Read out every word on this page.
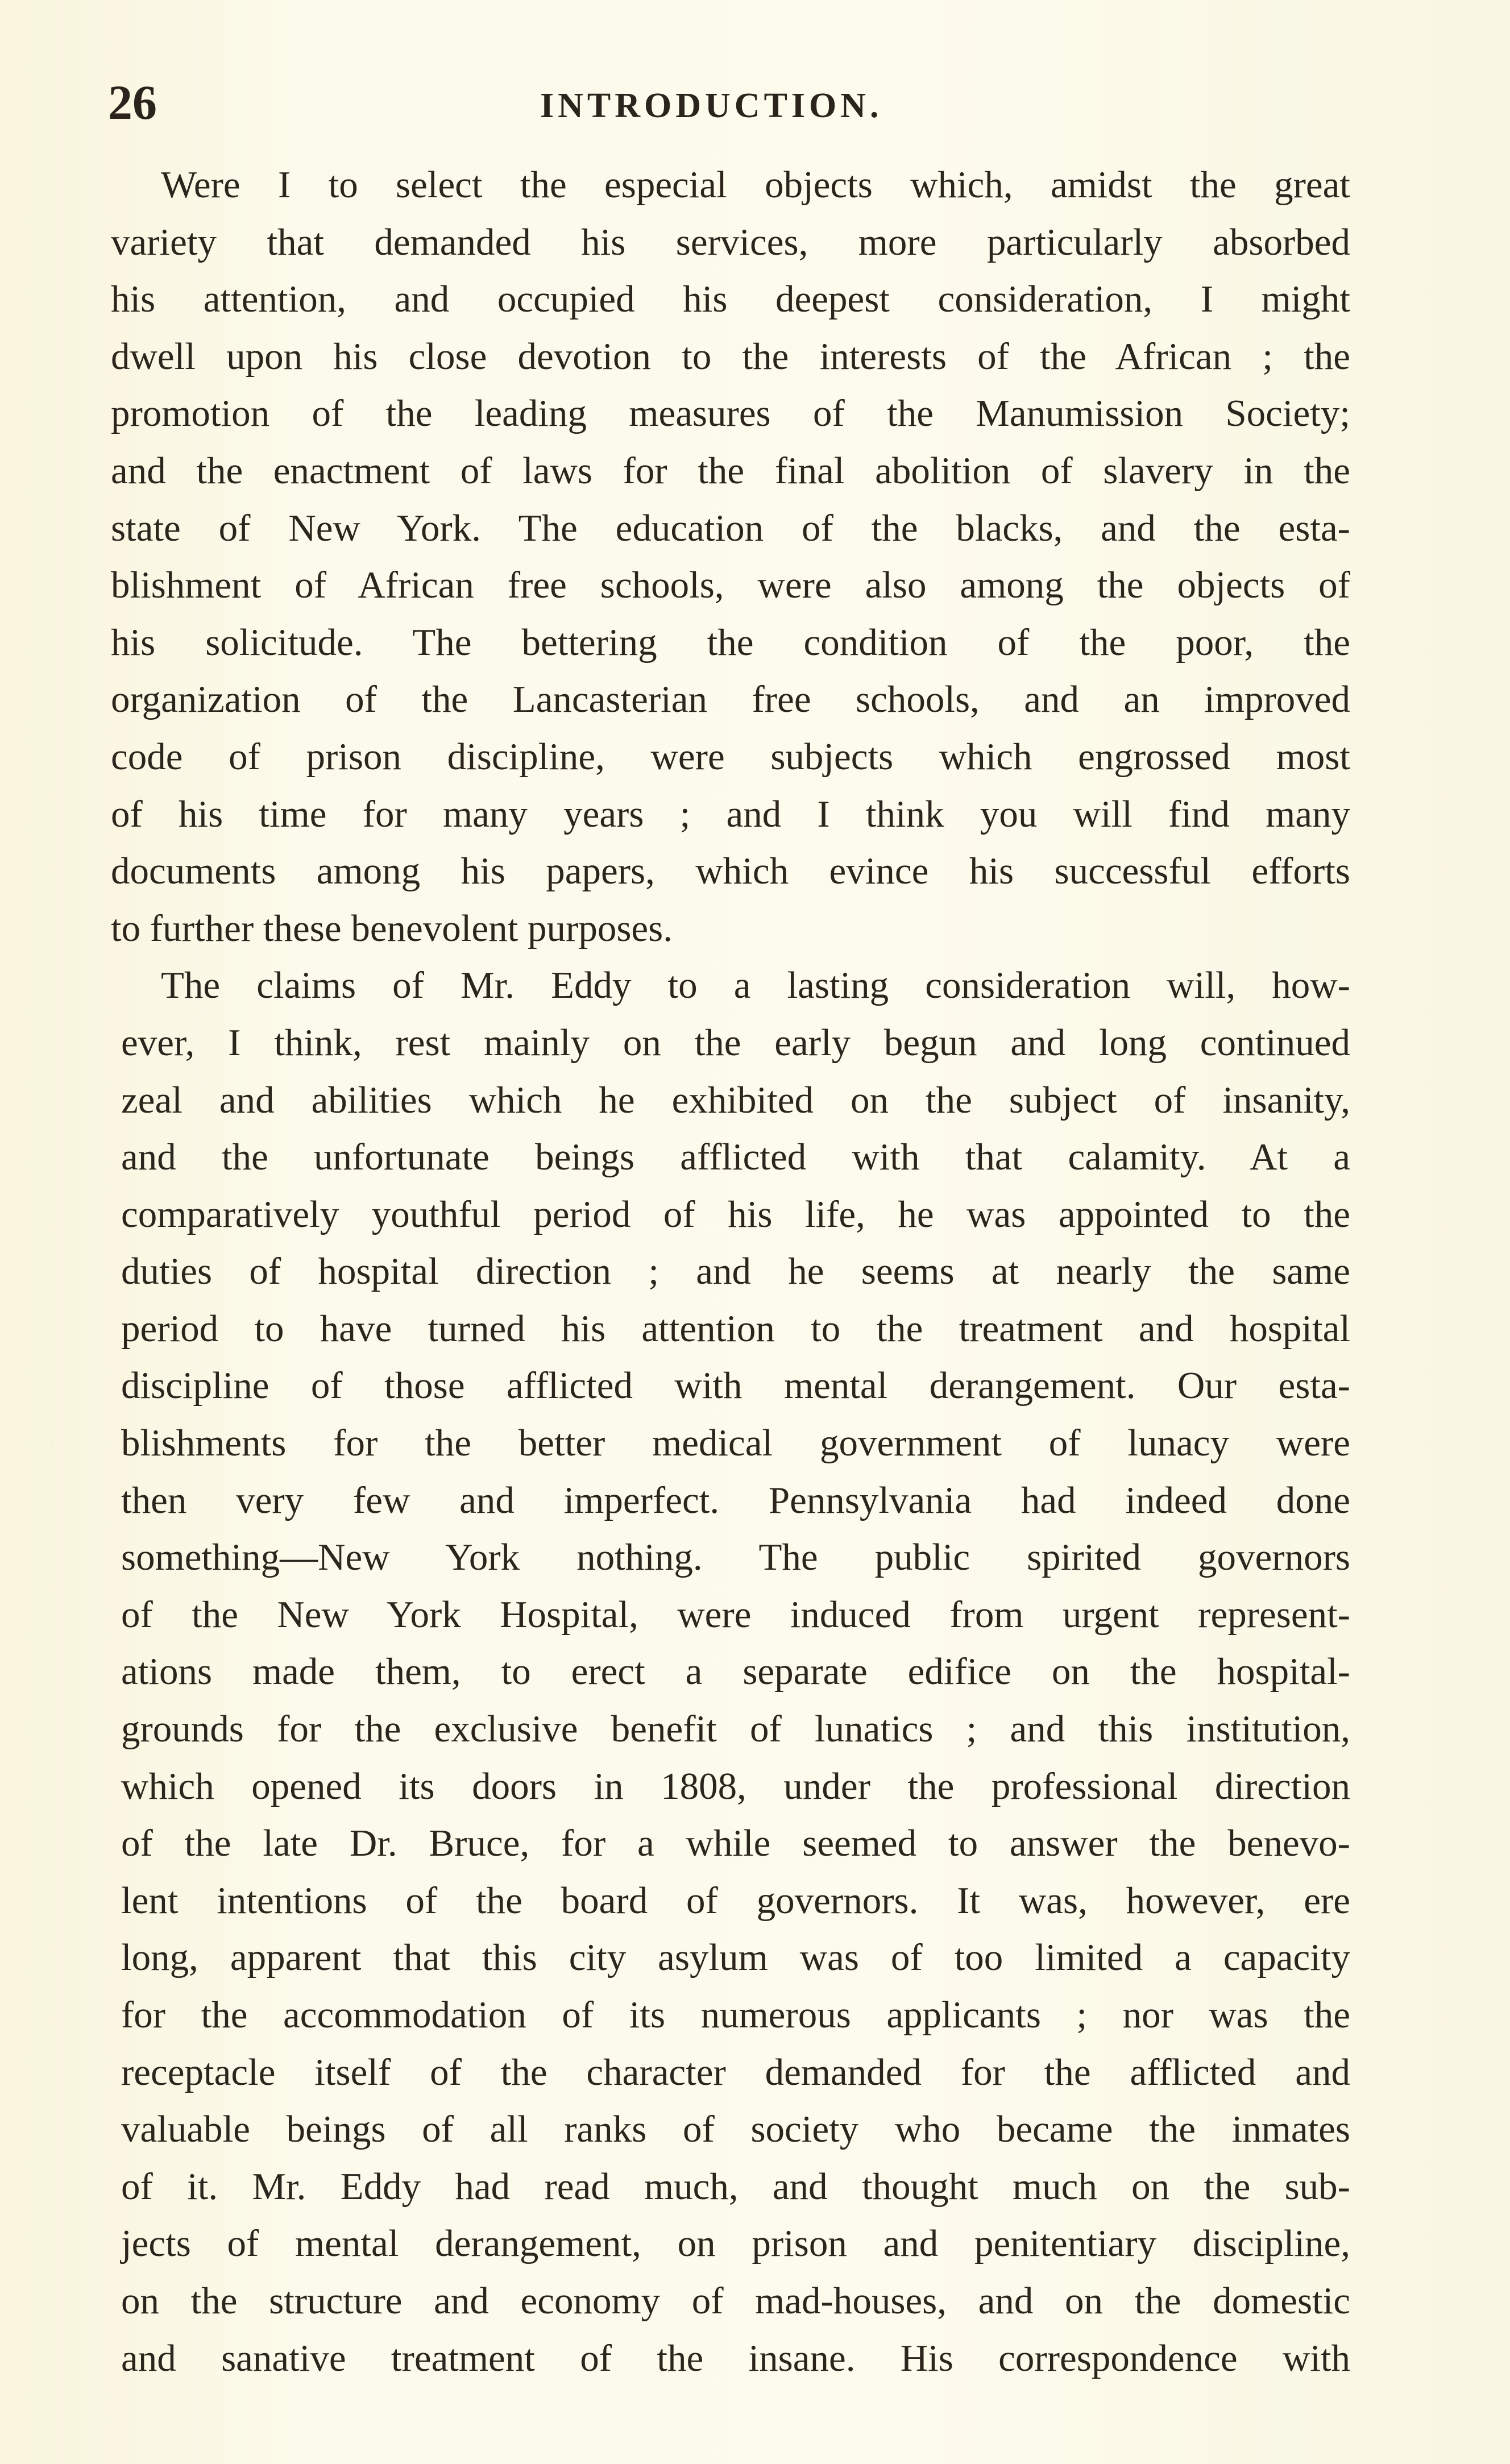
26	INTRODUCTION.
Were I to select the especial objects which, amidst the great
variety that demanded his services, more particularly absorbed
his attention, and occupied his deepest consideration, I might
dwell upon his close devotion to the interests of the African ; the
promotion of the leading measures of the Manumission Society;
and the enactment of laws for the final abolition of slavery in the
state of New York. The education of the blacks, and the esta-
blishment of African free schools, were also among the objects of
his solicitude. The bettering the condition of the poor, the
organization of the Lancasterian free schools, and an improved
code of prison discipline, were subjects which engrossed most
of his time for many years ; and I think you will find many
documents among his papers, which evince his successful efforts
to further these benevolent purposes.
The claims of Mr. Eddy to a lasting consideration will, how-
ever, I think, rest mainly on the early begun and long continued
zeal and abilities which he exhibited on the subject of insanity,
and the unfortunate beings afflicted with that calamity. At a
comparatively youthful period of his life, he was appointed to the
duties of hospital direction ; and he seems at nearly the same
period to have turned his attention to the treatment and hospital
discipline of those afflicted with mental derangement. Our esta-
blishments for the better medical government of lunacy were
then very few and imperfect. Pennsylvania had indeed done
something—New York nothing. The public spirited governors
of the New York Hospital, were induced from urgent represent-
ations made them, to erect a separate edifice on the hospital-
grounds for the exclusive benefit of lunatics ; and this institution,
which opened its doors in 1808, under the professional direction
of the late Dr. Bruce, for a while seemed to answer the benevo-
lent intentions of the board of governors. It was, however, ere
long, apparent that this city asylum was of too limited a capacity
for the accommodation of its numerous applicants ; nor was the
receptacle itself of the character demanded for the afflicted and
valuable beings of all ranks of society who became the inmates
of it. Mr. Eddy had read much, and thought much on the sub-
jects of mental derangement, on prison and penitentiary discipline,
on the structure and economy of mad-houses, and on the domestic
and sanative treatment of the insane. His correspondence with
